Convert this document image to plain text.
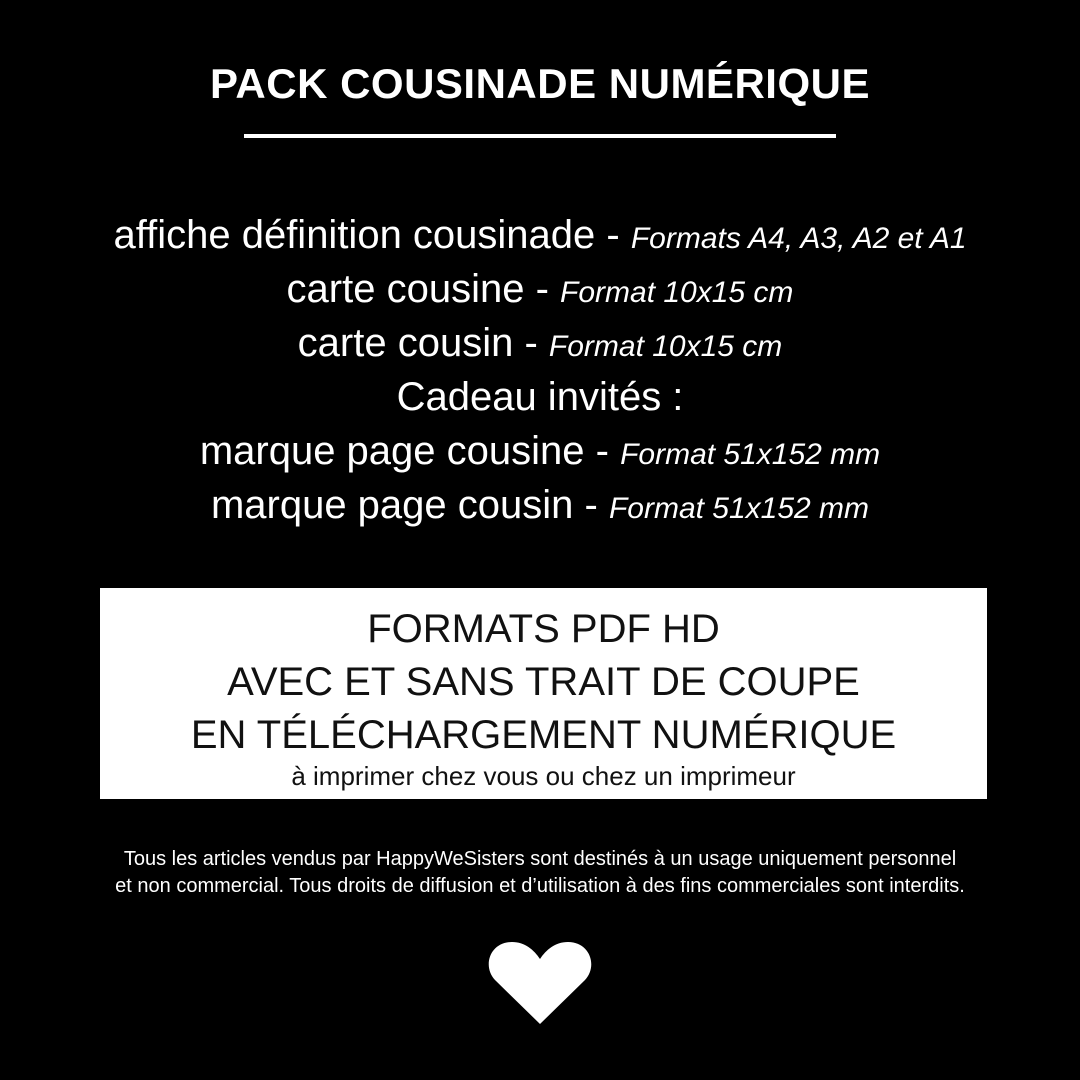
PACK COUSINADE NUMÉRIQUE
affiche définition cousinade - Formats A4, A3, A2 et A1
carte cousine - Format 10x15 cm
carte cousin - Format 10x15 cm
Cadeau invités :
marque page cousine - Format 51x152 mm
marque page cousin - Format 51x152 mm
FORMATS PDF HD
AVEC ET SANS TRAIT DE COUPE
EN TÉLÉCHARGEMENT NUMÉRIQUE
à imprimer chez vous ou chez un imprimeur
Tous les articles vendus par HappyWeSisters sont destinés à un usage uniquement personnel
et non commercial. Tous droits de diffusion et d’utilisation à des fins commerciales sont interdits.
